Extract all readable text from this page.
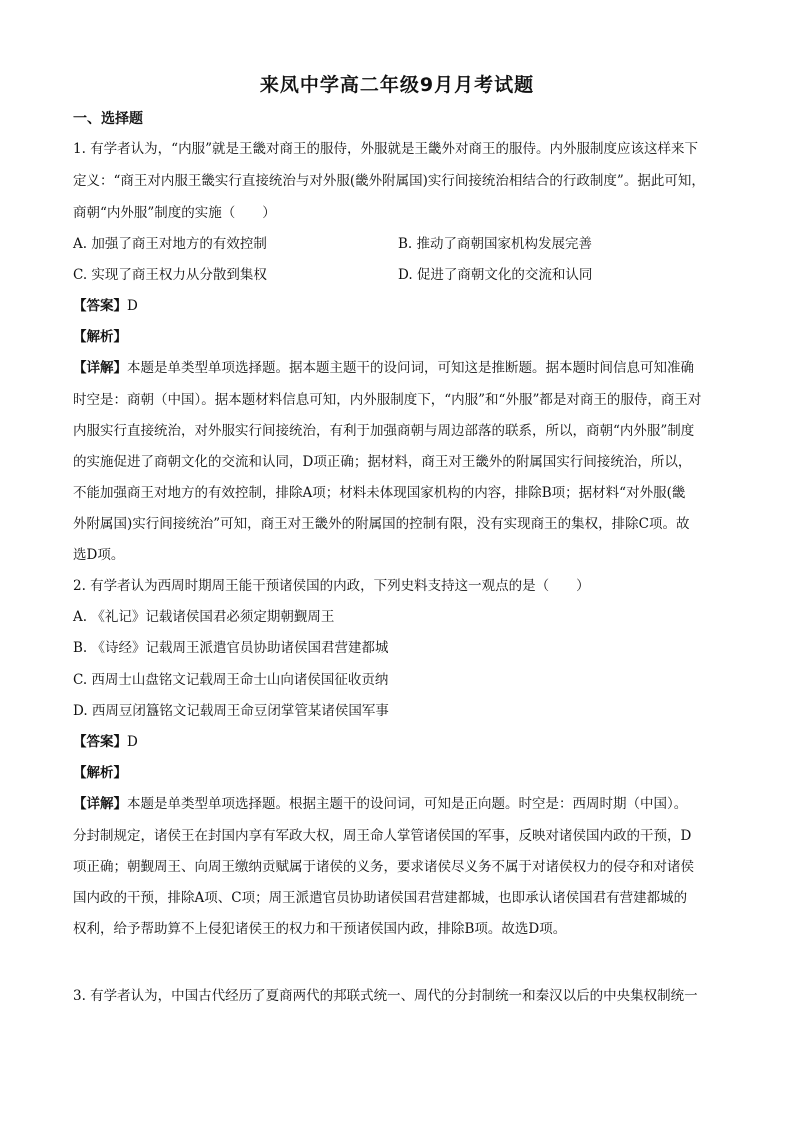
来凤中学高二年级9月月考试题
一、选择题
1. 有学者认为，“内服”就是王畿对商王的服侍，外服就是王畿外对商王的服侍。内外服制度应该这样来下
定义：“商王对内服王畿实行直接统治与对外服(畿外附属国)实行间接统治相结合的行政制度”。据此可知，
商朝“内外服”制度的实施（　　）
A. 加强了商王对地方的有效控制	B. 推动了商朝国家机构发展完善
C. 实现了商王权力从分散到集权	D. 促进了商朝文化的交流和认同
【答案】D
【解析】
【详解】本题是单类型单项选择题。据本题主题干的设问词，可知这是推断题。据本题时间信息可知准确
时空是：商朝（中国）。据本题材料信息可知，内外服制度下，“内服”和“外服”都是对商王的服侍，商王对
内服实行直接统治，对外服实行间接统治，有利于加强商朝与周边部落的联系，所以，商朝“内外服”制度
的实施促进了商朝文化的交流和认同，D项正确；据材料，商王对王畿外的附属国实行间接统治，所以，
不能加强商王对地方的有效控制，排除A项；材料未体现国家机构的内容，排除B项；据材料“对外服(畿
外附属国)实行间接统治”可知，商王对王畿外的附属国的控制有限，没有实现商王的集权，排除C项。故
选D项。
2. 有学者认为西周时期周王能干预诸侯国的内政，下列史料支持这一观点的是（　　）
A. 《礼记》记载诸侯国君必须定期朝觐周王
B. 《诗经》记载周王派遣官员协助诸侯国君营建都城
C. 西周士山盘铭文记载周王命士山向诸侯国征收贡纳
D. 西周豆闭簋铭文记载周王命豆闭掌管某诸侯国军事
【答案】D
【解析】
【详解】本题是单类型单项选择题。根据主题干的设问词，可知是正向题。时空是：西周时期（中国）。
分封制规定，诸侯王在封国内享有军政大权，周王命人掌管诸侯国的军事，反映对诸侯国内政的干预，D
项正确；朝觐周王、向周王缴纳贡赋属于诸侯的义务，要求诸侯尽义务不属于对诸侯权力的侵夺和对诸侯
国内政的干预，排除A项、C项；周王派遣官员协助诸侯国君营建都城，也即承认诸侯国君有营建都城的
权利，给予帮助算不上侵犯诸侯王的权力和干预诸侯国内政，排除B项。故选D项。
3. 有学者认为，中国古代经历了夏商两代的邦联式统一、周代的分封制统一和秦汉以后的中央集权制统一
